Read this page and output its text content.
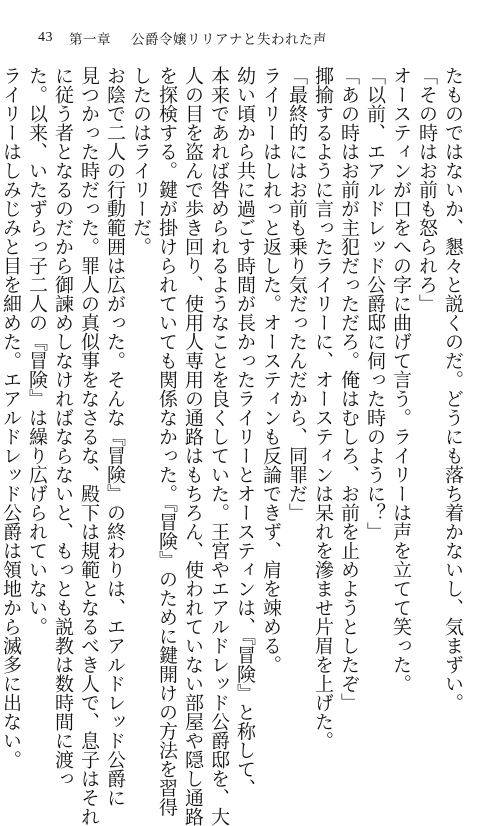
43 第一章 公爵令嬢リリアナと失われた声
たものではないか、懇々と説くのだ。どうにも落ち着かないし、気まずい。
「その時はお前も怒られろ」
オースティンが口をへの字に曲げて言う。ライリーは声を立てて笑った。
「以前、エアルドレッド公爵邸に伺った時のように？」
「あの時はお前が主犯だっただろ。俺はむしろ、お前を止めようとしたぞ」
揶揄するように言ったライリーに、オースティンは呆れを滲ませ片眉を上げた。
「最終的にはお前も乗り気だったんだから、同罪だ」
ライリーはしれっと返した。オースティンも反論できず、肩を竦める。
幼い頃から共に過ごす時間が長かったライリーとオースティンは、『冒険』と称して、
本来であれば咎められるようなことを良くしていた。王宮やエアルドレッド公爵邸を、大
人の目を盗んで歩き回り、使用人専用の通路はもちろん、使われていない部屋や隠し通路
を探検する。鍵が掛けられていても関係なかった。『冒険』のために鍵開けの方法を習得
したのはライリーだ。
お陰で二人の行動範囲は広がった。そんな『冒険』の終わりは、エアルドレッド公爵に
見つかった時だった。罪人の真似事をなさるな、殿下は規範となるべき人で、息子はそれ
に従う者となるのだから御諫めしなければならないと、もっとも説教は数時間に渡っ
た。以来、いたずらっ子二人の『冒険』は繰り広げられていない。
ライリーはしみじみと目を細めた。エアルドレッド公爵は領地から滅多に出ない。
